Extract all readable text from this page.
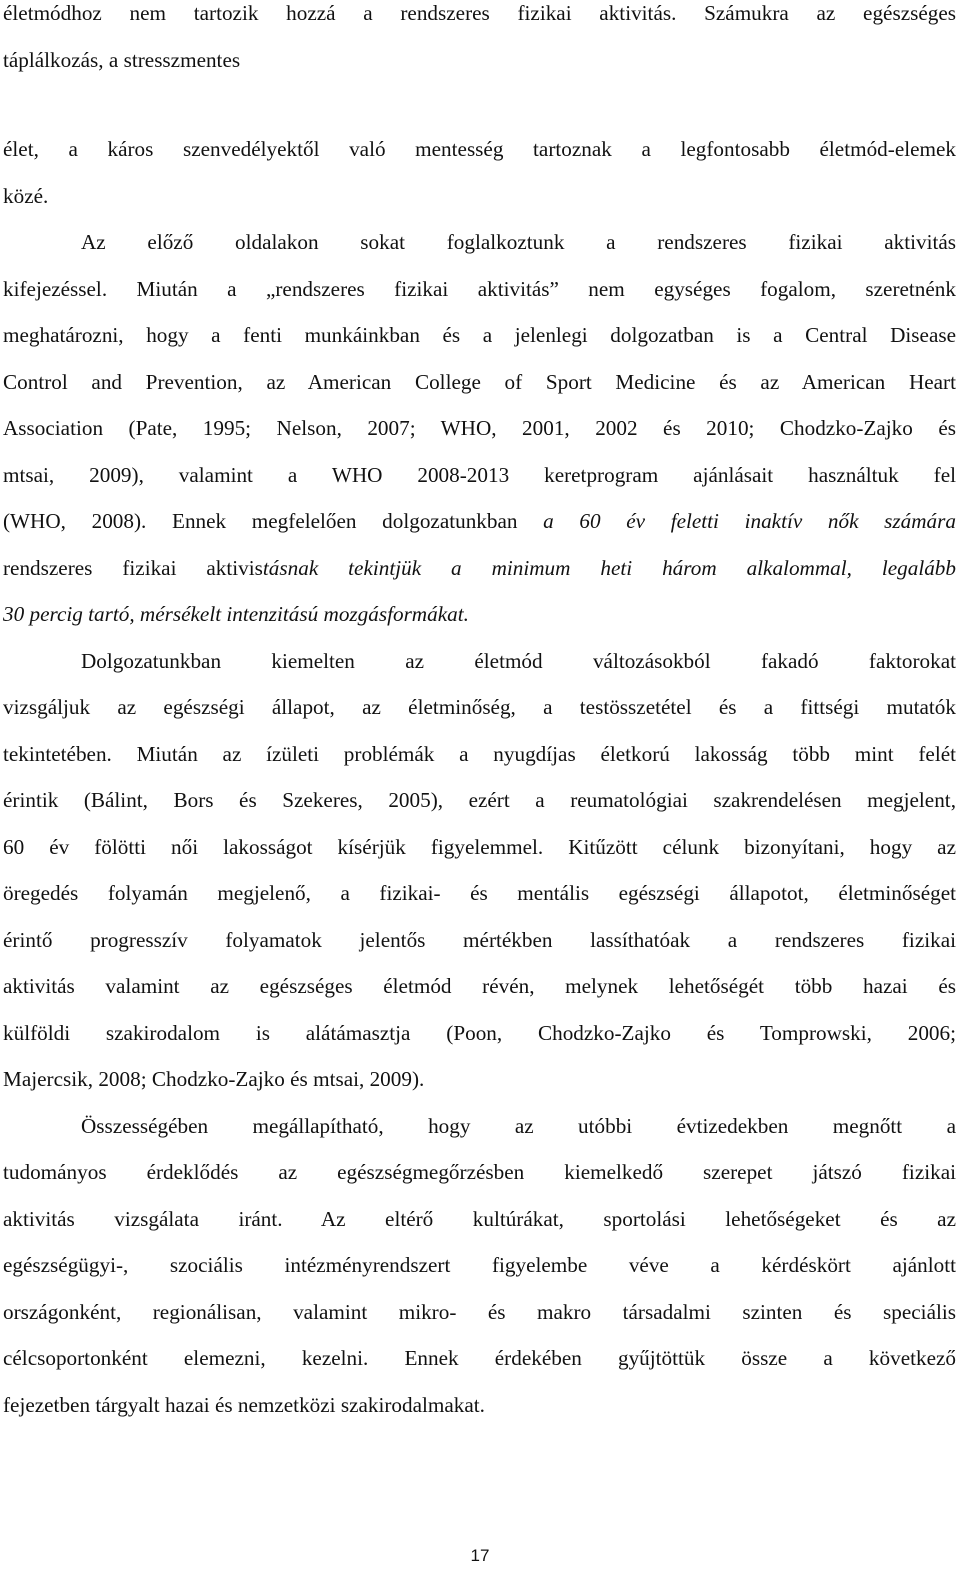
életmódhoz nem tartozik hozzá a rendszeres fizikai aktivitás. Számukra az egészséges
táplálkozás, a stresszmentes
élet, a káros szenvedélyektől való mentesség tartoznak a legfontosabb életmód-elemek
közé.
Az előző oldalakon sokat foglalkoztunk a rendszeres fizikai aktivitás
kifejezéssel. Miután a „rendszeres fizikai aktivitás” nem egységes fogalom, szeretnénk
meghatározni, hogy a fenti munkáinkban és a jelenlegi dolgozatban is a Central Disease
Control and Prevention, az American College of Sport Medicine és az American Heart
Association (Pate, 1995; Nelson, 2007; WHO, 2001, 2002 és 2010; Chodzko-Zajko és
mtsai, 2009), valamint a WHO 2008-2013 keretprogram ajánlásait használtuk fel
(WHO, 2008). Ennek megfelelően dolgozatunkban a 60 év feletti inaktív nők számára
rendszeres fizikai aktivistásnak tekintjük a minimum heti három alkalommal, legalább
30 percig tartó, mérsékelt intenzitású mozgásformákat.
Dolgozatunkban kiemelten az életmód változásokból fakadó faktorokat
vizsgáljuk az egészségi állapot, az életminőség, a testösszetétel és a fittségi mutatók
tekintetében. Miután az ízületi problémák a nyugdíjas életkorú lakosság több mint felét
érintik (Bálint, Bors és Szekeres, 2005), ezért a reumatológiai szakrendelésen megjelent,
60 év fölötti női lakosságot kísérjük figyelemmel. Kitűzött célunk bizonyítani, hogy az
öregedés folyamán megjelenő, a fizikai- és mentális egészségi állapotot, életminőséget
érintő progresszív folyamatok jelentős mértékben lassíthatóak a rendszeres fizikai
aktivitás valamint az egészséges életmód révén, melynek lehetőségét több hazai és
külföldi szakirodalom is alátámasztja (Poon, Chodzko-Zajko és Tomprowski, 2006;
Majercsik, 2008; Chodzko-Zajko és mtsai, 2009).
Összességében megállapítható, hogy az utóbbi évtizedekben megnőtt a
tudományos érdeklődés az egészségmegőrzésben kiemelkedő szerepet játszó fizikai
aktivitás vizsgálata iránt. Az eltérő kultúrákat, sportolási lehetőségeket és az
egészségügyi-, szociális intézményrendszert figyelembe véve a kérdéskört ajánlott
országonként, regionálisan, valamint mikro- és makro társadalmi szinten és speciális
célcsoportonként elemezni, kezelni. Ennek érdekében gyűjtöttük össze a következő
fejezetben tárgyalt hazai és nemzetközi szakirodalmakat.
17
